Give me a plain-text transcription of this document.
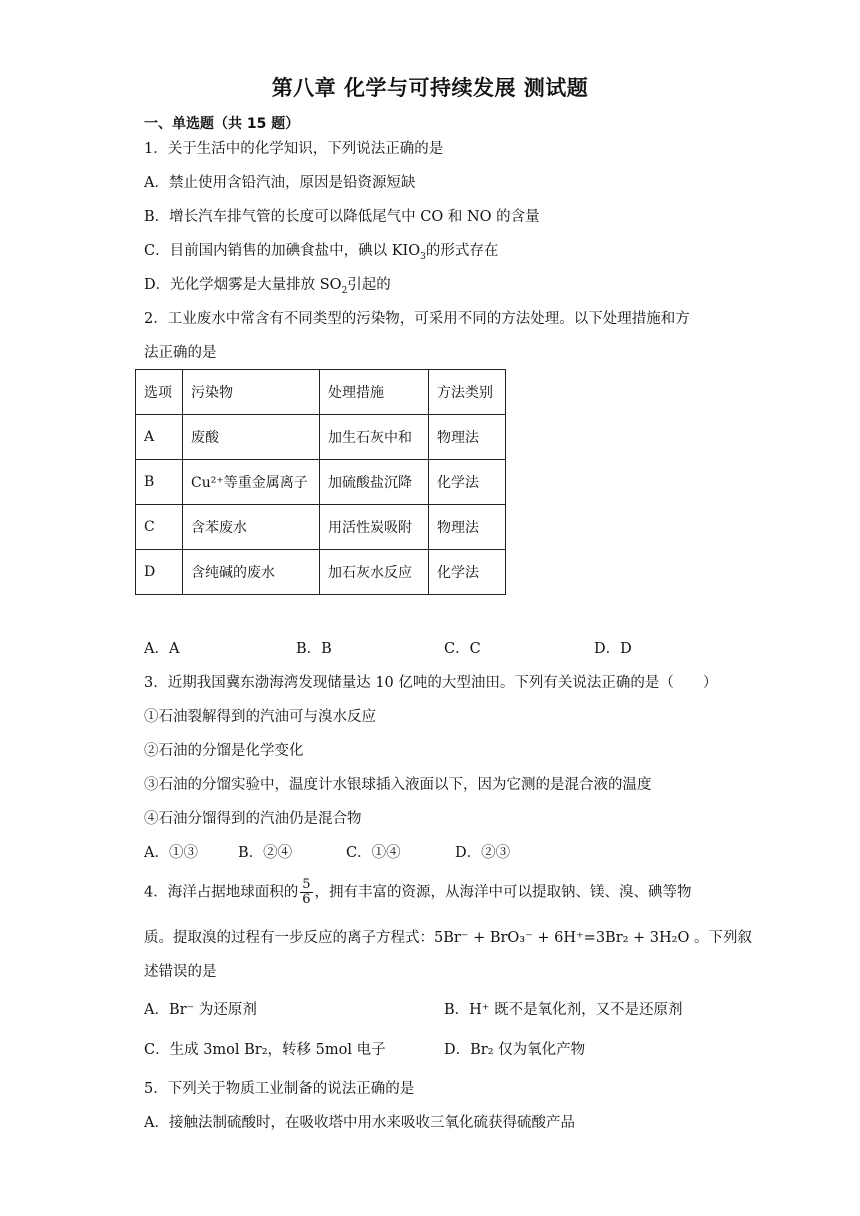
第八章 化学与可持续发展 测试题
一、单选题（共 15 题）
1．关于生活中的化学知识，下列说法正确的是
A．禁止使用含铅汽油，原因是铅资源短缺
B．增长汽车排气管的长度可以降低尾气中 CO 和 NO 的含量
C．目前国内销售的加碘食盐中，碘以 $KIO_3$的形式存在
D．光化学烟雾是大量排放 $SO_2$引起的
2．工业废水中常含有不同类型的污染物，可采用不同的方法处理。以下处理措施和方
法正确的是
选项	污染物	处理措施	方法类别
A	废酸	加生石灰中和	物理法
B	Cu²⁺等重金属离子	加硫酸盐沉降	化学法
C	含苯废水	用活性炭吸附	物理法
D	含纯碱的废水	加石灰水反应	化学法
A．A	B．B	C．C	D．D
3．近期我国冀东渤海湾发现储量达 10 亿吨的大型油田。下列有关说法正确的是（　　）
①石油裂解得到的汽油可与溴水反应
②石油的分馏是化学变化
③石油的分馏实验中，温度计水银球插入液面以下，因为它测的是混合液的温度
④石油分馏得到的汽油仍是混合物
A．①③	B．②④	C．①④	D．②③
4．海洋占据地球面积的 $\frac{5}{6}$ ，拥有丰富的资源，从海洋中可以提取钠、镁、溴、碘等物
质。提取溴的过程有一步反应的离子方程式：5Br⁻ + BrO₃⁻ + 6H⁺=3Br₂ + 3H₂O 。下列叙
述错误的是
A．Br⁻ 为还原剂	B．H⁺ 既不是氧化剂，又不是还原剂
C．生成 3mol Br₂，转移 5mol 电子	D．Br₂ 仅为氧化产物
5．下列关于物质工业制备的说法正确的是
A．接触法制硫酸时，在吸收塔中用水来吸收三氧化硫获得硫酸产品
